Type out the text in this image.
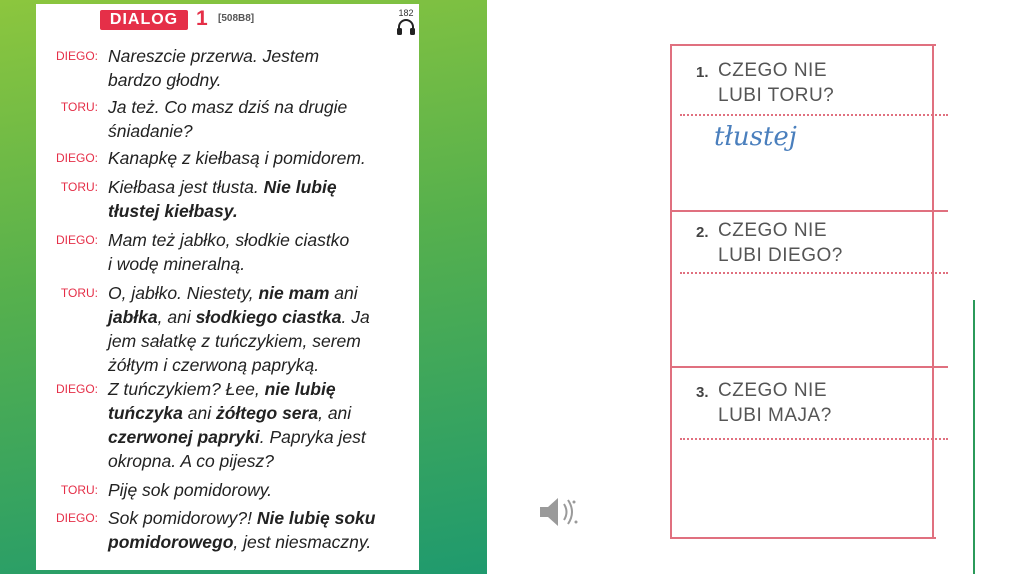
DIALOG 1 [508B8]	182
DIEGO: Nareszcie przerwa. Jestem
bardzo głodny.
TORU: Ja też. Co masz dziś na drugie
śniadanie?
DIEGO: Kanapkę z kiełbasą i pomidorem.
TORU: Kiełbasa jest tłusta. Nie lubię
tłustej kiełbasy.
DIEGO: Mam też jabłko, słodkie ciastko
i wodę mineralną.
TORU: O, jabłko. Niestety, nie mam ani
jabłka, ani słodkiego ciastka. Ja
jem sałatkę z tuńczykiem, serem
żółtym i czerwoną papryką.
DIEGO: Z tuńczykiem? Łee, nie lubię
tuńczyka ani żółtego sera, ani
czerwonej papryki. Papryka jest
okropna. A co pijesz?
TORU: Piję sok pomidorowy.
DIEGO: Sok pomidorowy?! Nie lubię soku
pomidorowego, jest niesmaczny.
1. CZEGO NIE
LUBI TORU?
tłustej
2. CZEGO NIE
LUBI DIEGO?
3. CZEGO NIE
LUBI MAJA?
